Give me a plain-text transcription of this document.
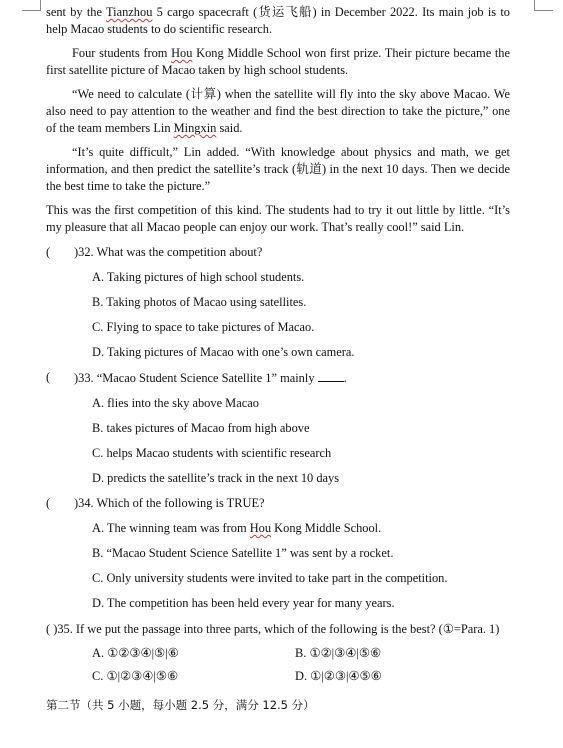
sent by the Tianzhou 5 cargo spacecraft (货运飞船) in December 2022. Its main job is to help Macao students to do scientific research.

Four students from Hou Kong Middle School won first prize. Their picture became the first satellite picture of Macao taken by high school students.

“We need to calculate (计算) when the satellite will fly into the sky above Macao. We also need to pay attention to the weather and find the best direction to take the picture,” one of the team members Lin Mingxin said.

“It’s quite difficult,” Lin added. “With knowledge about physics and math, we get information, and then predict the satellite’s track (轨道) in the next 10 days. Then we decide the best time to take the picture.”

This was the first competition of this kind. The students had to try it out little by little. “It’s my pleasure that all Macao people can enjoy our work. That’s really cool!” said Lin.

(	)32. What was the competition about?
A. Taking pictures of high school students.
B. Taking photos of Macao using satellites.
C. Flying to space to take pictures of Macao.
D. Taking pictures of Macao with one’s own camera.
(	)33. “Macao Student Science Satellite 1” mainly .
A. flies into the sky above Macao
B. takes pictures of Macao from high above
C. helps Macao students with scientific research
D. predicts the satellite’s track in the next 10 days
(	)34. Which of the following is TRUE?
A. The winning team was from Hou Kong Middle School.
B. “Macao Student Science Satellite 1” was sent by a rocket.
C. Only university students were invited to take part in the competition.
D. The competition has been held every year for many years.

( )35. If we put the passage into three parts, which of the following is the best? (①=Para. 1)

A. ①②③④|⑤|⑥	B. ①②|③④|⑤⑥
C. ①|②③④|⑤⑥	D. ①|②③|④⑤⑥
第二节（共 5 小题，每小题 2.5 分，满分 12.5 分）
